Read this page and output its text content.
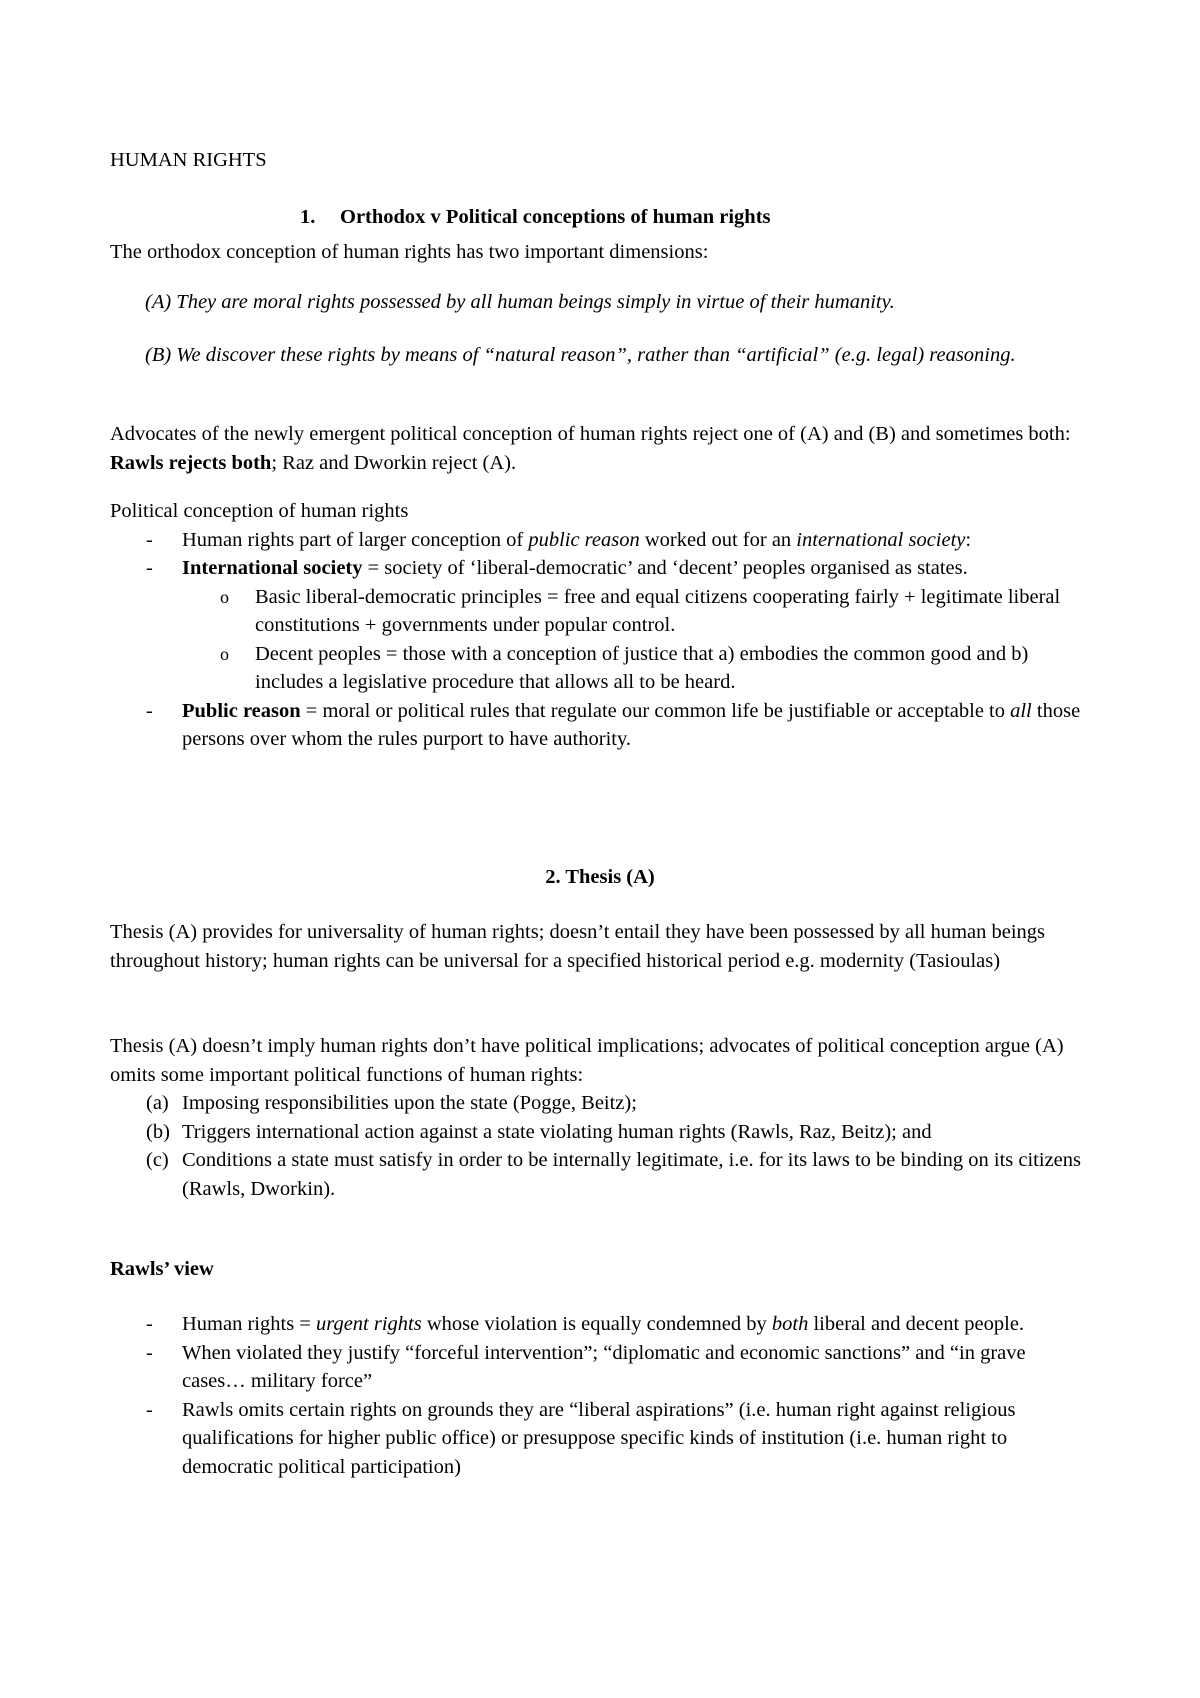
HUMAN RIGHTS

1. Orthodox v Political conceptions of human rights

The orthodox conception of human rights has two important dimensions:

(A) They are moral rights possessed by all human beings simply in virtue of their humanity.

(B) We discover these rights by means of “natural reason”, rather than “artificial” (e.g. legal) reasoning.

Advocates of the newly emergent political conception of human rights reject one of (A) and (B) and sometimes both: Rawls rejects both; Raz and Dworkin reject (A).

Political conception of human rights
- Human rights part of larger conception of public reason worked out for an international society:
- International society = society of ‘liberal-democratic’ and ‘decent’ peoples organised as states.
o Basic liberal-democratic principles = free and equal citizens cooperating fairly + legitimate liberal constitutions + governments under popular control.
o Decent peoples = those with a conception of justice that a) embodies the common good and b) includes a legislative procedure that allows all to be heard.
- Public reason = moral or political rules that regulate our common life be justifiable or acceptable to all those persons over whom the rules purport to have authority.

2. Thesis (A)

Thesis (A) provides for universality of human rights; doesn’t entail they have been possessed by all human beings throughout history; human rights can be universal for a specified historical period e.g. modernity (Tasioulas)

Thesis (A) doesn’t imply human rights don’t have political implications; advocates of political conception argue (A) omits some important political functions of human rights:
(a) Imposing responsibilities upon the state (Pogge, Beitz);
(b) Triggers international action against a state violating human rights (Rawls, Raz, Beitz); and
(c) Conditions a state must satisfy in order to be internally legitimate, i.e. for its laws to be binding on its citizens (Rawls, Dworkin).

Rawls’ view

- Human rights = urgent rights whose violation is equally condemned by both liberal and decent people.
- When violated they justify “forceful intervention”; “diplomatic and economic sanctions” and “in grave cases… military force”
- Rawls omits certain rights on grounds they are “liberal aspirations” (i.e. human right against religious qualifications for higher public office) or presuppose specific kinds of institution (i.e. human right to democratic political participation)
